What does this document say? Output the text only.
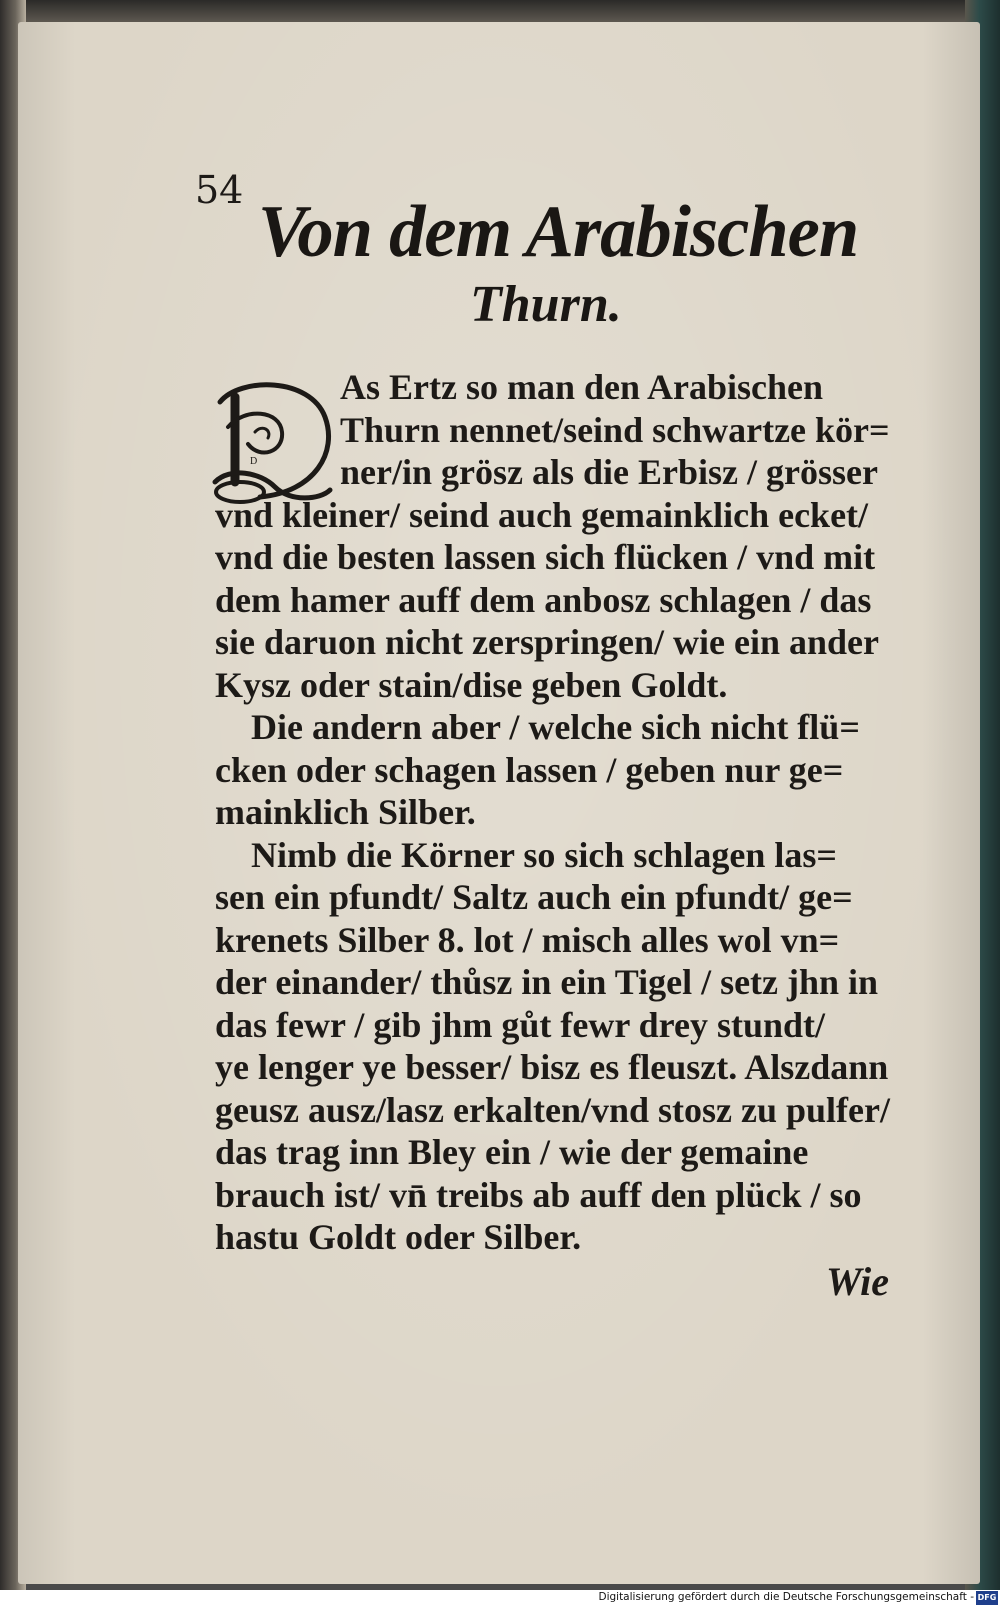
54
Von dem Arabischen
Thurn.
D
As Ertz so man den Arabischen
Thurn nennet/seind schwartze kör=
ner/in grösz als die Erbisz / grösser
vnd kleiner/ seind auch gemainklich ecket/
vnd die besten lassen sich flücken / vnd mit
dem hamer auff dem anbosz schlagen / das
sie daruon nicht zerspringen/ wie ein ander
Kysz oder stain/dise geben Goldt.
Die andern aber / welche sich nicht flü=
cken oder schagen lassen / geben nur ge=
mainklich Silber.
Nimb die Körner so sich schlagen las=
sen ein pfundt/ Saltz auch ein pfundt/ ge=
krenets Silber 8. lot / misch alles wol vn=
der einander/ thůsz in ein Tigel / setz jhn in
das fewr / gib jhm gůt fewr drey stundt/
ye lenger ye besser/ bisz es fleuszt. Alszdann
geusz ausz/lasz erkalten/vnd stosz zu pulfer/
das trag inn Bley ein / wie der gemaine
brauch ist/ vn̄ treibs ab auff den plück / so
hastu Goldt oder Silber.
Wie
Digitalisierung gefördert durch die Deutsche Forschungsgemeinschaft - DFG
